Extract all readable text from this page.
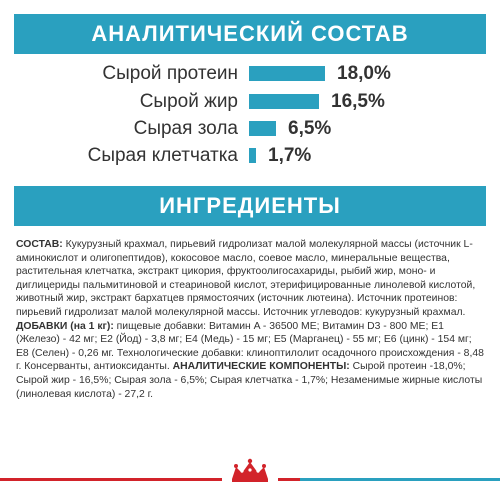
АНАЛИТИЧЕСКИЙ СОСТАВ
Сырой протеин	18,0%
Сырой жир	16,5%
Сырая зола	6,5%
Сырая клетчатка 1,7%
ИНГРЕДИЕНТЫ

СОСТАВ: Кукурузный крахмал, пирьевий гидролизат малой молекулярной массы (источник L-аминокислот и олигопептидов), кокосовое масло, соевое масло, минеральные вещества, растительная клетчатка, экстракт цикория, фруктоолигосахариды, рыбий жир, моно- и диглицериды пальмитиновой и стеариновой кислот, этерифицированные линолевой кислотой, животный жир, экстракт бархатцев прямостоячих (источник лютеина). Источник протеинов: пирьевий гидролизат малой молекулярной массы. Источник углеводов: кукурузный крахмал. ДОБАВКИ (на 1 кг): пищевые добавки: Витамин A - 36500 МЕ; Витамин D3 - 800 МЕ; E1 (Железо) - 42 мг; E2 (Йод) - 3,8 мг; E4 (Медь) - 15 мг; E5 (Марганец) - 55 мг; E6 (цинк) - 154 мг; E8 (Селен) - 0,26 мг. Технологические добавки: клиноптилолит осадочного происхождения - 8,48 г. Консерванты, антиоксиданты. АНАЛИТИЧЕСКИЕ КОМПОНЕНТЫ: Сырой протеин -18,0%; Сырой жир - 16,5%; Сырая зола - 6,5%; Сырая клетчатка - 1,7%; Незаменимые жирные кислоты (линолевая кислота) - 27,2 г.
